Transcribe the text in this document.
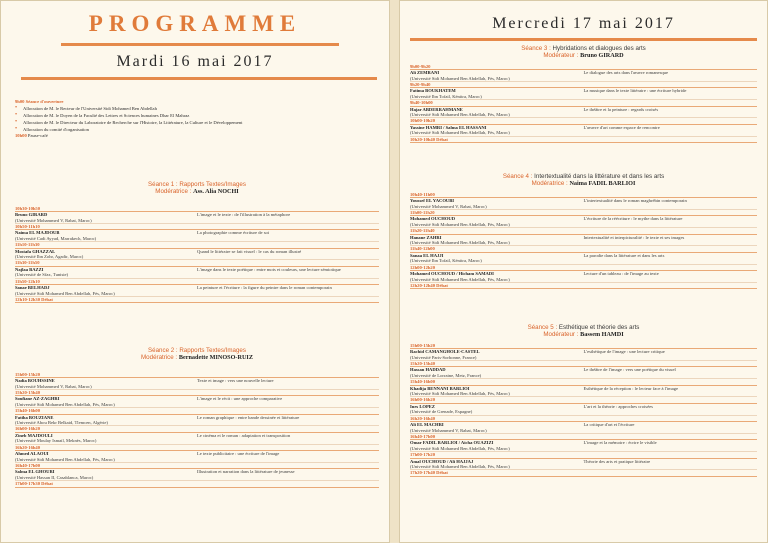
PROGRAMME
Mardi 16 mai 2017
9h00 Séance d'ouverture
• Allocution de M. le Recteur de l'Université Sidi Mohamed Ben Abdellah
• Allocution de M. le Doyen de la Faculté des Lettres et Sciences humaines Dhar El Mahraz
• Allocution de M. le Directeur du Laboratoire de Recherche sur l'Histoire, la Littérature, la Culture et le Développement
• Allocution du comité d'organisation
10h00 Pause-café
Séance 1 : Rapports Textes/Images
Modératrice : Ass. Alia NOCHI
10h30-10h50	

Bruno GIRARD
(Université Mohammed V, Rabat, Maroc)	L'image et le texte : de l'illustration à la métaphore
10h50-11h10	

Naima EL MAJDOUB
(Université Cadi Ayyad, Marrakech, Maroc)	La photographie comme écriture de soi
11h10-11h30	

Mostafa GHAZZAL
(Université Ibn Zohr, Agadir, Maroc)	Quand le littéraire se fait visuel : le cas du roman illustré
11h30-11h50	

Najlaa BAZZI
(Université de Sfax, Tunisie)	L'image dans le texte poétique : entre mots et couleurs, une lecture sémiotique
11h50-12h10	

Sanae BELHADJ
(Université Sidi Mohamed Ben Abdellah, Fès, Maroc)	La peinture et l'écriture : la figure du peintre dans le roman contemporain
12h10-12h30 Débat	
Séance 2 : Rapports Textes/Images
Modératrice : Bernadette MINOSO-RUIZ
15h00-15h20	

Nadia BOUHSSINE
(Université Mohammed V, Rabat, Maroc)	Texte et image : vers une nouvelle lecture
15h20-15h40	

Soufiane AZ-ZAGHRI
(Université Sidi Mohamed Ben Abdellah, Fès, Maroc)	L'image et le récit : une approche comparative
15h40-16h00	

Fatiha BOUZIANE
(Université Abou Bekr Belkaid, Tlemcen, Algérie)	Le roman graphique : entre bande dessinée et littérature
16h00-16h20	

Zineb MAJDOULI
(Université Moulay Ismail, Meknès, Maroc)	Le cinéma et le roman : adaptation et transposition
16h20-16h40	

Ahmed ALAOUI
(Université Sidi Mohamed Ben Abdellah, Fès, Maroc)	Le texte publicitaire : une écriture de l'image
16h40-17h00	

Salma EL GHOURI
(Université Hassan II, Casablanca, Maroc)	Illustration et narration dans la littérature de jeunesse
17h00-17h30 Débat	
Mercredi 17 mai 2017
Séance 3 : Hybridations et dialogues des arts
Modérateur : Bruno GIRARD
9h00-9h20	

Ali ZEMRANI
(Université Sidi Mohamed Ben Abdellah, Fès, Maroc)	Le dialogue des arts dans l'œuvre romanesque
9h20-9h40	

Fatima BOUKHATEM
(Université Ibn Tofail, Kénitra, Maroc)	La musique dans le texte littéraire : une écriture hybride
9h40-10h00	

Hajar ABDERRAHMANE
(Université Sidi Mohamed Ben Abdellah, Fès, Maroc)	Le théâtre et la peinture : regards croisés
10h00-10h20	

Yassine HAMRI / Salma EL HASSANI
(Université Sidi Mohamed Ben Abdellah, Fès, Maroc)	L'œuvre d'art comme espace de rencontre
10h20-10h40 Débat	
Séance 4 : Intertextualité dans la littérature et dans les arts
Modératrice : Naima FADIL BARLIOI
10h40-11h00	

Youssef EL YACOUBI
(Université Mohammed V, Rabat, Maroc)	L'intertextualité dans le roman maghrébin contemporain
11h00-11h20	

Mohamed OUCHOUD
(Université Sidi Mohamed Ben Abdellah, Fès, Maroc)	L'écriture de la réécriture : le mythe dans la littérature
11h20-11h40	

Hanane ZAHRI
(Université Sidi Mohamed Ben Abdellah, Fès, Maroc)	Intertextualité et interpicturalité : le texte et ses images
11h40-12h00	

Sanaa EL HAJJI
(Université Ibn Tofail, Kénitra, Maroc)	La parodie dans la littérature et dans les arts
12h00-12h20	

Mohamed OUCHOUD / Hicham SAMADI
(Université Sidi Mohamed Ben Abdellah, Fès, Maroc)	Lecture d'un tableau : de l'image au texte
12h20-12h40 Débat	
Séance 5 : Esthétique et théorie des arts
Modérateur : Bassem HAMDI
15h00-15h20	

Rachid CAMANGHOLE-CASTEL
(Université Paris-Sorbonne, France)	L'esthétique de l'image : une lecture critique
15h20-15h40	

Hassan HADDAD
(Université de Lorraine, Metz, France)	Le théâtre de l'image : vers une poétique du visuel
15h40-16h00	

Khadija BENNANI BARLIOI
(Université Sidi Mohamed Ben Abdellah, Fès, Maroc)	Esthétique de la réception : le lecteur face à l'image
16h00-16h20	

Ines LOPEZ
(Université de Grenade, Espagne)	L'art et la théorie : approches croisées
16h20-16h40	

Ali EL MACHRI
(Université Mohammed V, Rabat, Maroc)	La critique d'art et l'écriture
16h40-17h00	

Omar FADIL BARLIOI / Aicha OUAZIZI
(Université Sidi Mohamed Ben Abdellah, Fès, Maroc)	L'image et la mémoire : écrire le visible
17h00-17h20	

Amal OUCHOUD / Ali HAJJAJ
(Université Sidi Mohamed Ben Abdellah, Fès, Maroc)	Théorie des arts et pratique littéraire
17h20-17h40 Débat	
